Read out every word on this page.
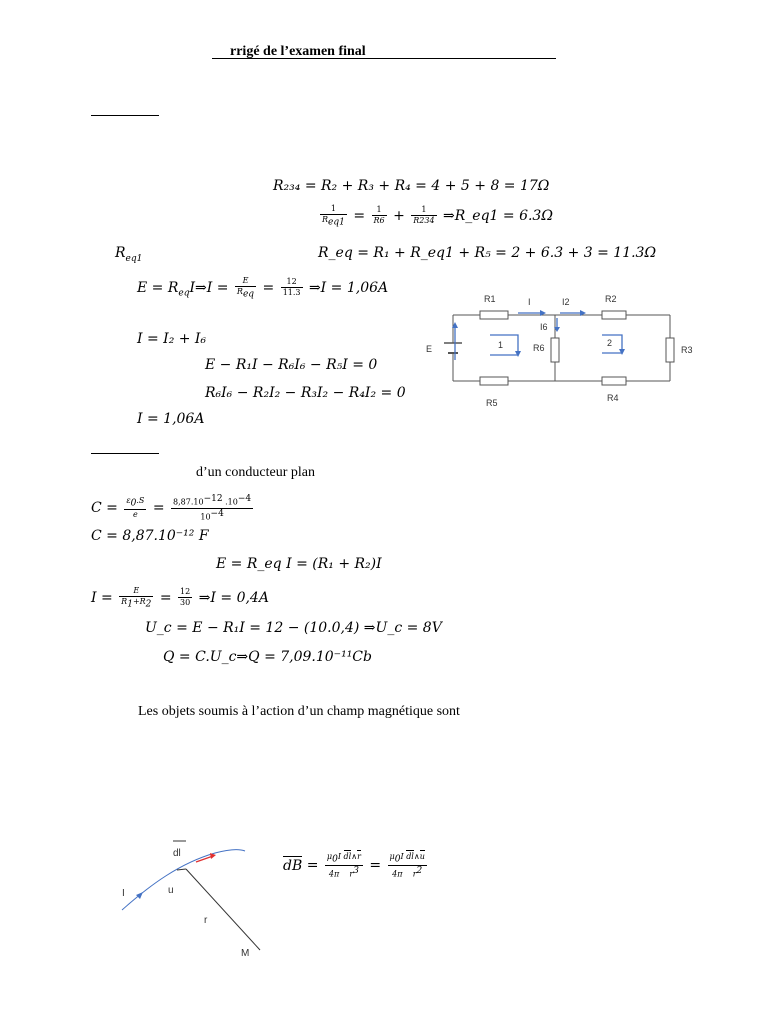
rrigé de l’examen final
R₂₃₄ = R₂ + R₃ + R₄ = 4 + 5 + 8 = 17Ω
$\frac{1}{R_{eq1}} = \frac{1}{R6} + \frac{1}{R234}$ ⇒R_eq1 = 6.3Ω
$R_{eq1}$	R_eq = R₁ + R_eq1 + R₅ = 2 + 6.3 + 3 = 11.3Ω
$E = R_{eq}I\Rightarrow I = \frac{E}{R_{eq}} = \frac{12}{11.3}$ ⇒I = 1,06A
I = I₂ + I₆
E − R₁I − R₆I₆ − R₅I = 0
R₆I₆ − R₂I₂ − R₃I₂ − R₄I₂ = 0
I = 1,06A
R1	I	I2	R2
I6
E	R6	R3
R5	R4
1	2
d’un conducteur plan
$C = \frac{\varepsilon_0.S}{e} = \frac{8,87.10^{-12} .10^{-4}}{10^{-4}}$
C = 8,87.10⁻¹² F
E = R_eq I = (R₁ + R₂)I
$I = \frac{E}{R_1+R_2} = \frac{12}{30}$ ⇒I = 0,4A
U_c = E − R₁I = 12 − (10.0,4) ⇒U_c = 8V
Q = C.U_c⇒Q = 7,09.10⁻¹¹Cb
Les objets soumis à l’action d’un champ magnétique sont
dl
I	u
r
M
dB = $\frac{\mu_0I dl\wedge r}{4\pi r^3} = \frac{\mu_0I dl\wedge u}{4\pi r^2}$
